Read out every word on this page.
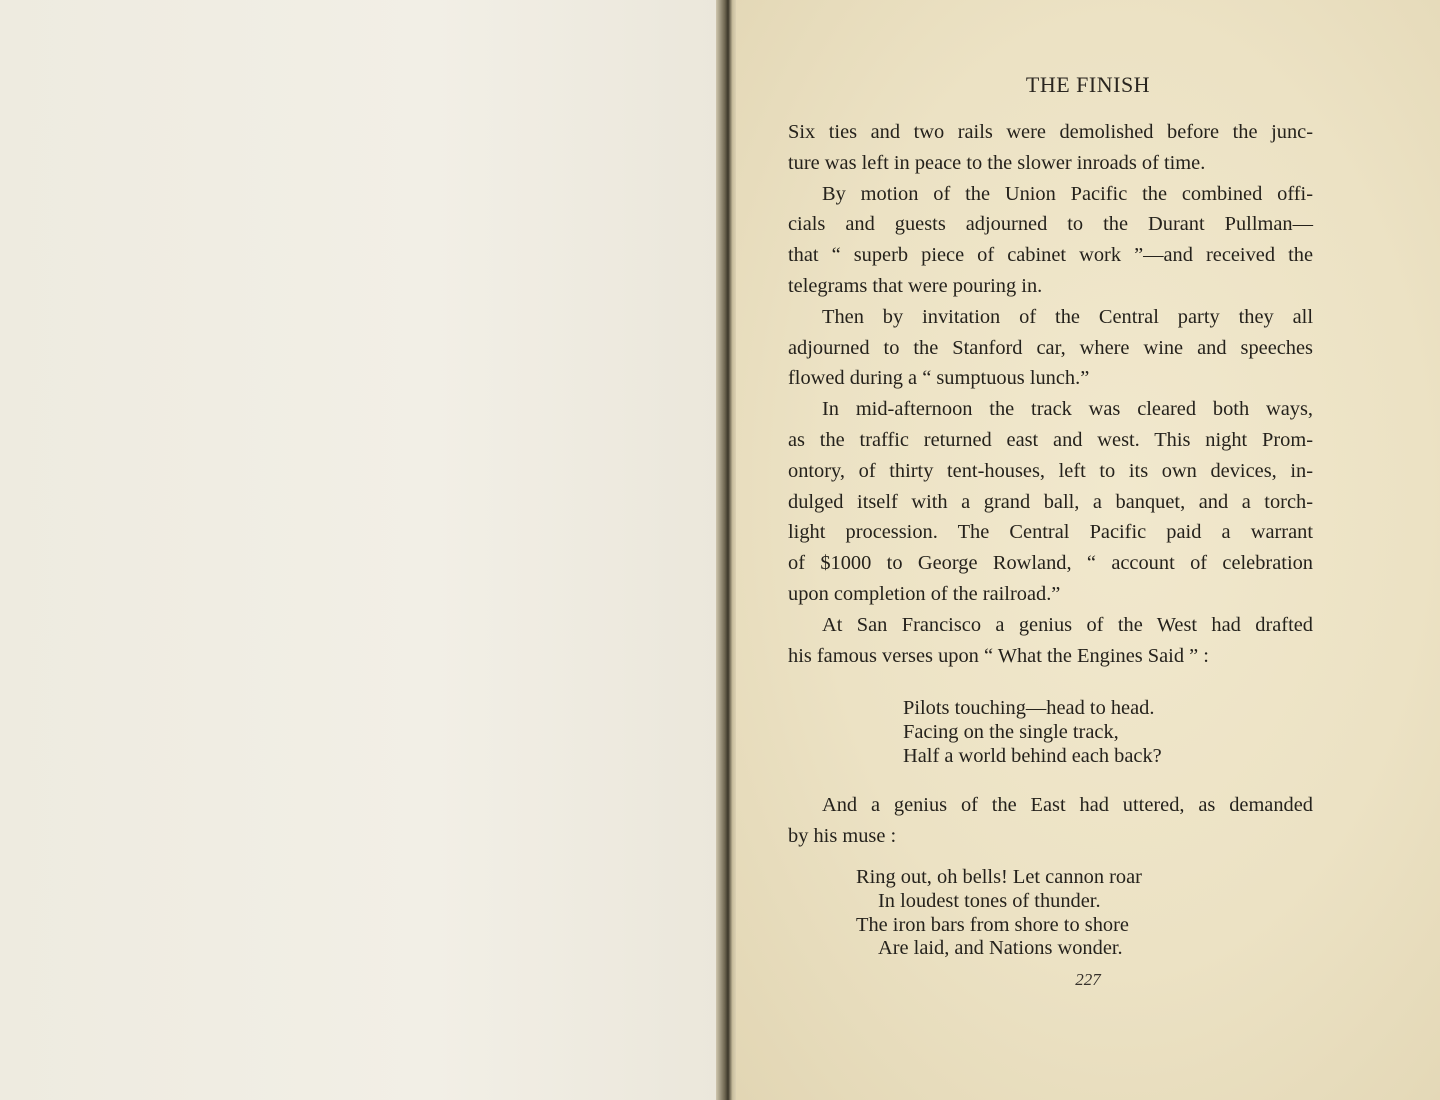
THE FINISH
Six ties and two rails were demolished before the junc-
ture was left in peace to the slower inroads of time.
By motion of the Union Pacific the combined offi-
cials and guests adjourned to the Durant Pullman—
that “ superb piece of cabinet work ”—and received the
telegrams that were pouring in.
Then by invitation of the Central party they all
adjourned to the Stanford car, where wine and speeches
flowed during a “ sumptuous lunch.”
In mid-afternoon the track was cleared both ways,
as the traffic returned east and west. This night Prom-
ontory, of thirty tent-houses, left to its own devices, in-
dulged itself with a grand ball, a banquet, and a torch-
light procession. The Central Pacific paid a warrant
of $1000 to George Rowland, “ account of celebration
upon completion of the railroad.”
At San Francisco a genius of the West had drafted
his famous verses upon “ What the Engines Said ” :
Pilots touching—head to head.
Facing on the single track,
Half a world behind each back?
And a genius of the East had uttered, as demanded
by his muse :
Ring out, oh bells! Let cannon roar
In loudest tones of thunder.
The iron bars from shore to shore
Are laid, and Nations wonder.
227
